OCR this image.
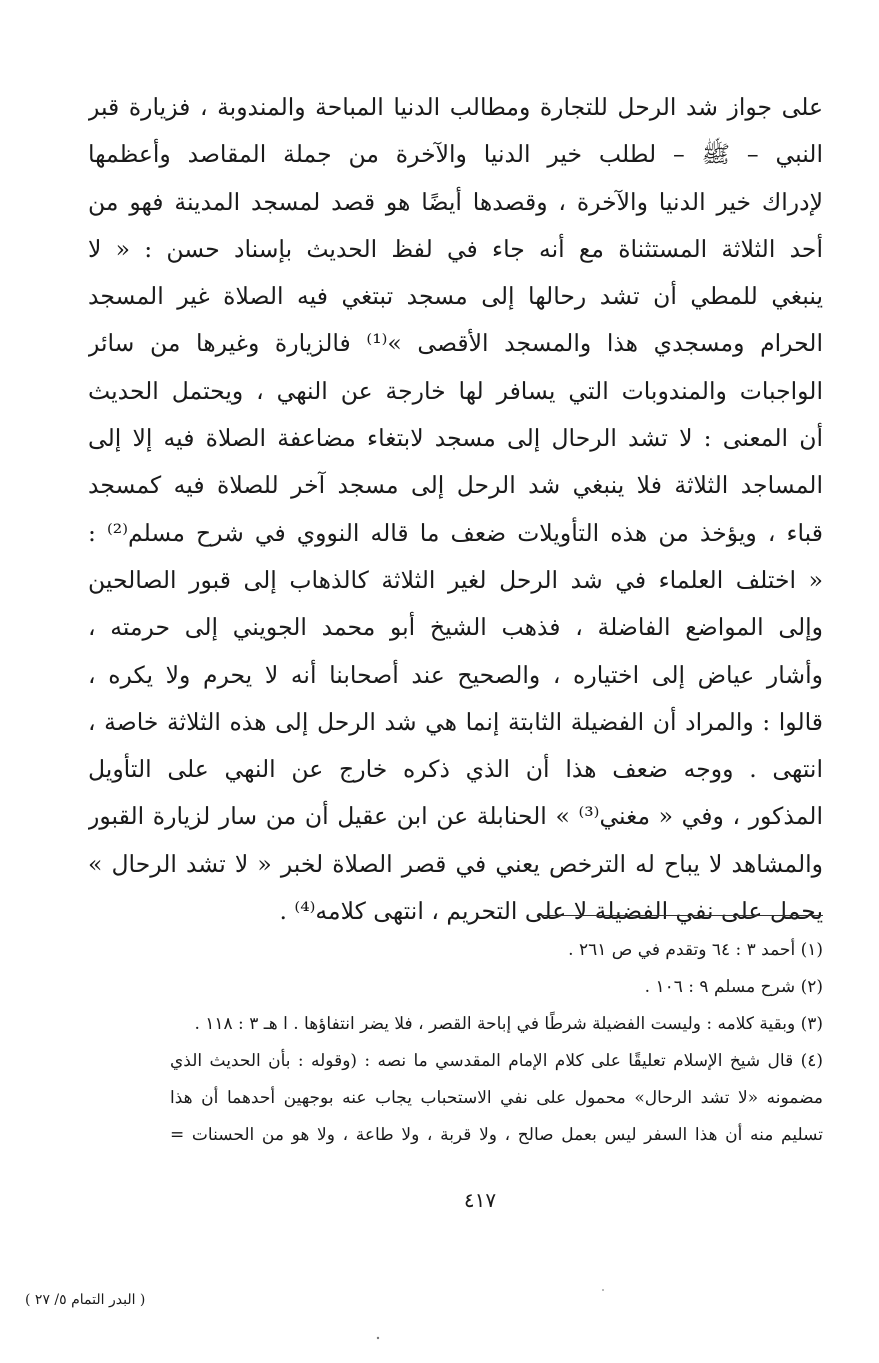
على جواز شد الرحل للتجارة ومطالب الدنيا المباحة والمندوبة ، فزيارة قبر
النبي – ﷺ – لطلب خير الدنيا والآخرة من جملة المقاصد وأعظمها
لإدراك خير الدنيا والآخرة ، وقصدها أيضًا هو قصد لمسجد المدينة فهو من
أحد الثلاثة المستثناة مع أنه جاء في لفظ الحديث بإسناد حسن : « لا
ينبغي للمطي أن تشد رحالها إلى مسجد تبتغي فيه الصلاة غير المسجد
الحرام ومسجدي هذا والمسجد الأقصى »⁽¹⁾ فالزيارة وغيرها من سائر
الواجبات والمندوبات التي يسافر لها خارجة عن النهي ، ويحتمل الحديث
أن المعنى : لا تشد الرحال إلى مسجد لابتغاء مضاعفة الصلاة فيه إلا إلى
المساجد الثلاثة فلا ينبغي شد الرحل إلى مسجد آخر للصلاة فيه كمسجد
قباء ، ويؤخذ من هذه التأويلات ضعف ما قاله النووي في شرح مسلم⁽²⁾ :
« اختلف العلماء في شد الرحل لغير الثلاثة كالذهاب إلى قبور الصالحين
وإلى المواضع الفاضلة ، فذهب الشيخ أبو محمد الجويني إلى حرمته ،
وأشار عياض إلى اختياره ، والصحيح عند أصحابنا أنه لا يحرم ولا يكره ،
قالوا : والمراد أن الفضيلة الثابتة إنما هي شد الرحل إلى هذه الثلاثة خاصة ،
انتهى . ووجه ضعف هذا أن الذي ذكره خارج عن النهي على التأويل
المذكور ، وفي « مغني⁽³⁾ » الحنابلة عن ابن عقيل أن من سار لزيارة القبور
والمشاهد لا يباح له الترخص يعني في قصر الصلاة لخبر « لا تشد الرحال »
يحمل على نفي الفضيلة لا على التحريم ، انتهى كلامه⁽⁴⁾ .
(١) أحمد ٣ : ٦٤ وتقدم في ص ٢٦١ .
(٢) شرح مسلم ٩ : ١٠٦ .
(٣) وبقية كلامه : وليست الفضيلة شرطًا في إباحة القصر ، فلا يضر انتفاؤها . ا هـ ٣ : ١١٨ .
(٤) قال شيخ الإسلام تعليقًا على كلام الإمام المقدسي ما نصه : (وقوله : بأن الحديث الذي
مضمونه «لا تشد الرحال» محمول على نفي الاستحباب يجاب عنه بوجهين أحدهما أن هذا
تسليم منه أن هذا السفر ليس بعمل صالح ، ولا قربة ، ولا طاعة ، ولا هو من الحسنات =
٤١٧
( البدر التمام ٥/ ٢٧ )
